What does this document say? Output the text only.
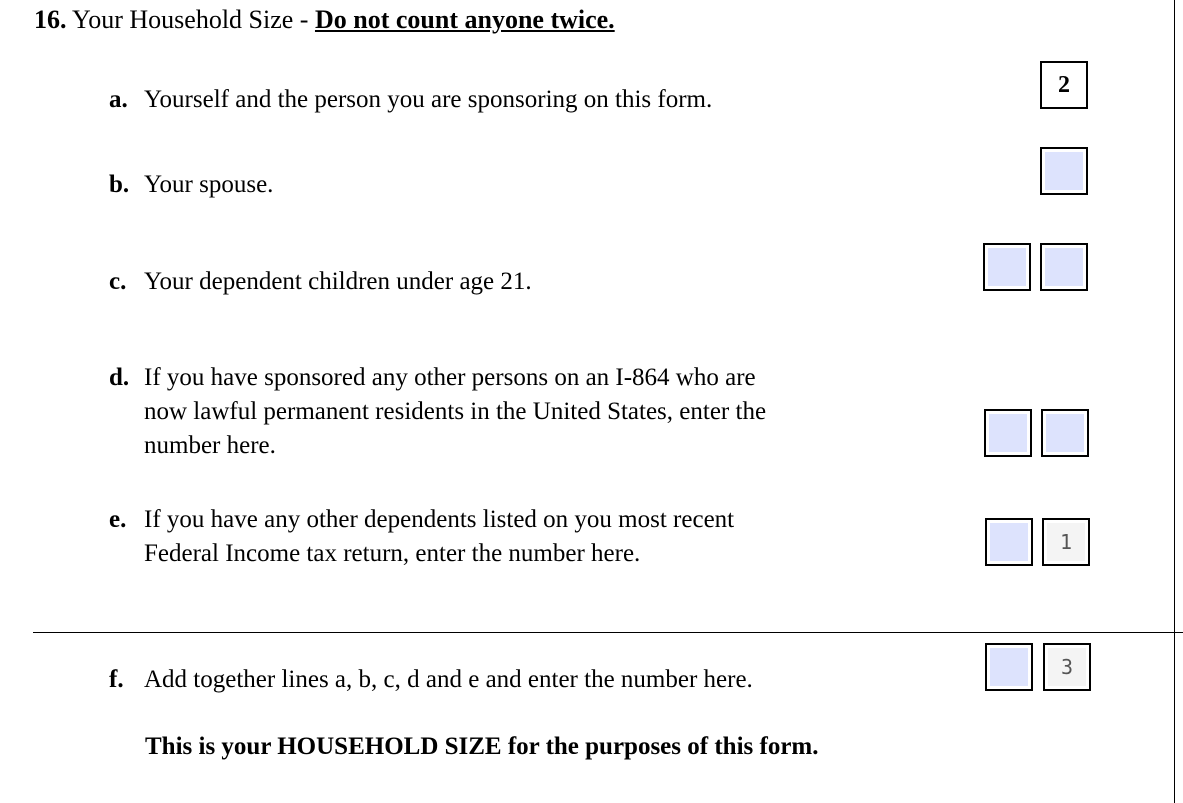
16. Your Household Size - Do not count anyone twice.
a. Yourself and the person you are sponsoring on this form.
2
b. Your spouse.
c. Your dependent children under age 21.
d. If you have sponsored any other persons on an I-864 who are
now lawful permanent residents in the United States, enter the
number here.
e. If you have any other dependents listed on you most recent
Federal Income tax return, enter the number here.	1
f. Add together lines a, b, c, d and e and enter the number here.	3
This is your HOUSEHOLD SIZE for the purposes of this form.
